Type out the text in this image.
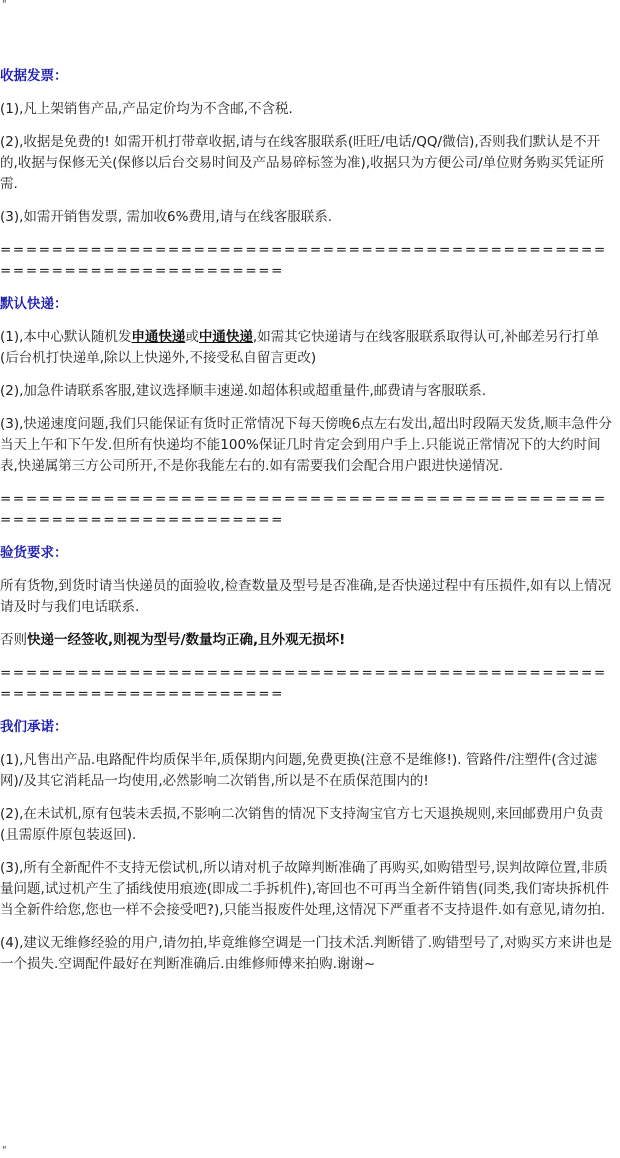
"
收据发票：

(1),凡上架销售产品,产品定价均为不含邮,不含税.

(2),收据是免费的! 如需开机打带章收据,请与在线客服联系(旺旺/电话/QQ/微信),否则我们默认是不开的,收据与保修无关(保修以后台交易时间及产品易碎标签为准),收据只为方便公司/单位财务购买凭证所需.

(3),如需开销售发票, 需加收6%费用,请与在线客服联系.

=====================================================================
默认快递：

(1),本中心默认随机发申通快递或中通快递,如需其它快递请与在线客服联系取得认可,补邮差另行打单(后台机打快递单,除以上快递外,不接受私自留言更改)

(2),加急件请联系客服,建议选择顺丰速递.如超体积或超重量件,邮费请与客服联系.

(3),快递速度问题,我们只能保证有货时正常情况下每天傍晚6点左右发出,超出时段隔天发货,顺丰急件分当天上午和下午发.但所有快递均不能100%保证几时肯定会到用户手上.只能说正常情况下的大约时间表,快递属第三方公司所开,不是你我能左右的.如有需要我们会配合用户跟进快递情况.

=====================================================================
验货要求：

所有货物,到货时请当快递员的面验收,检查数量及型号是否准确,是否快递过程中有压损件,如有以上情况请及时与我们电话联系.

否则快递一经签收,则视为型号/数量均正确,且外观无损坏!

=====================================================================
我们承诺：

(1),凡售出产品.电路配件均质保半年,质保期内问题,免费更换(注意不是维修!). 管路件/注塑件(含过滤网)/及其它消耗品一均使用,必然影响二次销售,所以是不在质保范围内的!

(2),在未试机,原有包装未丢损,不影响二次销售的情况下支持淘宝官方七天退换规则,来回邮费用户负责(且需原件原包装返回).

(3),所有全新配件不支持无偿试机,所以请对机子故障判断准确了再购买,如购错型号,误判故障位置,非质量问题,试过机产生了插线使用痕迹(即成二手拆机件),寄回也不可再当全新件销售(同类,我们寄块拆机件当全新件给您,您也一样不会接受吧?),只能当报废件处理,这情况下严重者不支持退件.如有意见,请勿拍.

(4),建议无维修经验的用户,请勿拍,毕竟维修空调是一门技术活.判断错了.购错型号了,对购买方来讲也是一个损失.空调配件最好在判断准确后.由维修师傅来拍购.谢谢~

"
